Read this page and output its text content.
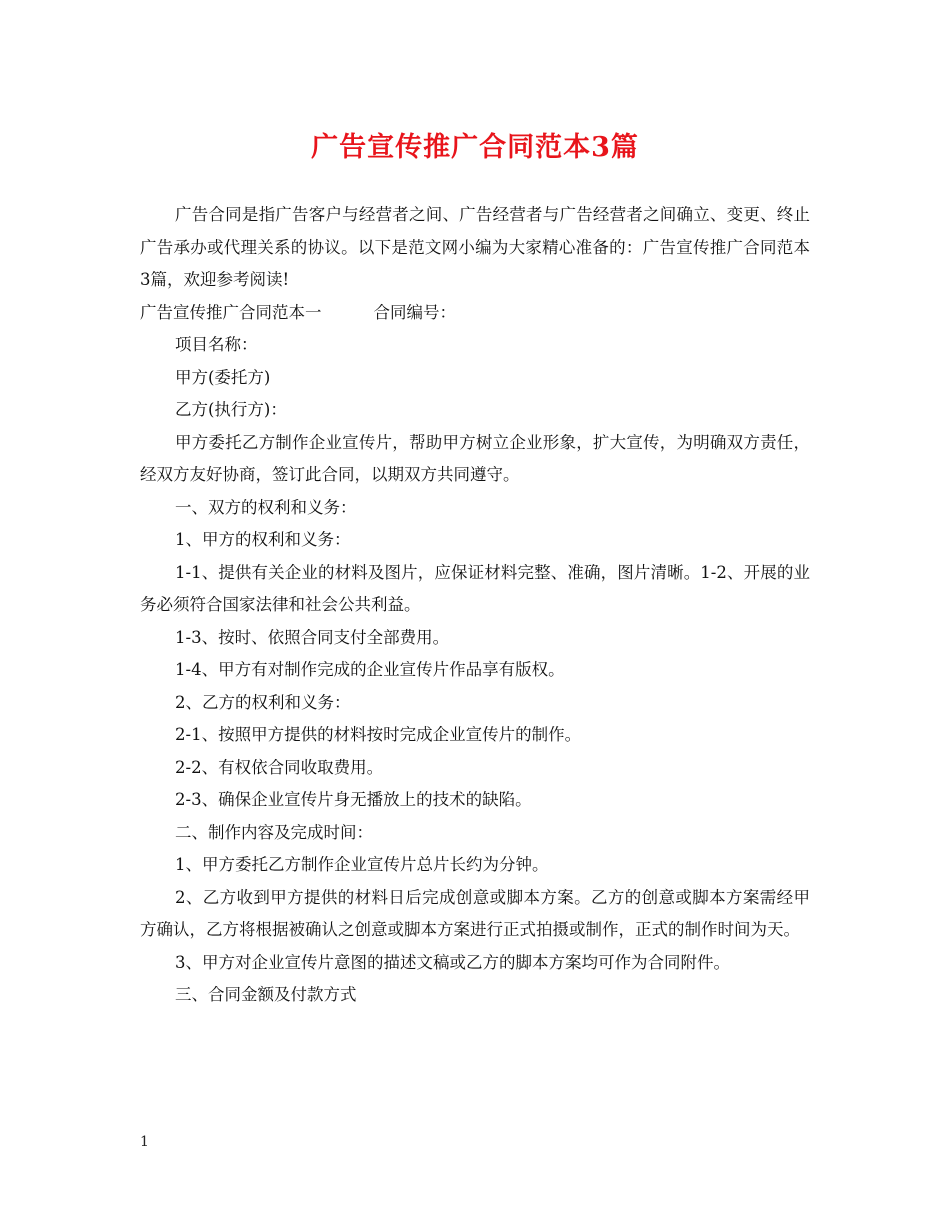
广告宣传推广合同范本3篇

广告合同是指广告客户与经营者之间、广告经营者与广告经营者之间确立、变更、终止广告承办或代理关系的协议。以下是范文网小编为大家精心准备的：广告宣传推广合同范本3篇，欢迎参考阅读!

广告宣传推广合同范本一	合同编号：

项目名称：

甲方(委托方)

乙方(执行方)：

甲方委托乙方制作企业宣传片，帮助甲方树立企业形象，扩大宣传，为明确双方责任，经双方友好协商，签订此合同，以期双方共同遵守。

一、双方的权利和义务：

1、甲方的权利和义务：

1-1、提供有关企业的材料及图片，应保证材料完整、准确，图片清晰。1-2、开展的业务必须符合国家法律和社会公共利益。

1-3、按时、依照合同支付全部费用。

1-4、甲方有对制作完成的企业宣传片作品享有版权。

2、乙方的权利和义务：

2-1、按照甲方提供的材料按时完成企业宣传片的制作。

2-2、有权依合同收取费用。

2-3、确保企业宣传片身无播放上的技术的缺陷。

二、制作内容及完成时间：

1、甲方委托乙方制作企业宣传片总片长约为分钟。

2、乙方收到甲方提供的材料日后完成创意或脚本方案。乙方的创意或脚本方案需经甲方确认，乙方将根据被确认之创意或脚本方案进行正式拍摄或制作，正式的制作时间为天。

3、甲方对企业宣传片意图的描述文稿或乙方的脚本方案均可作为合同附件。

三、合同金额及付款方式

1
